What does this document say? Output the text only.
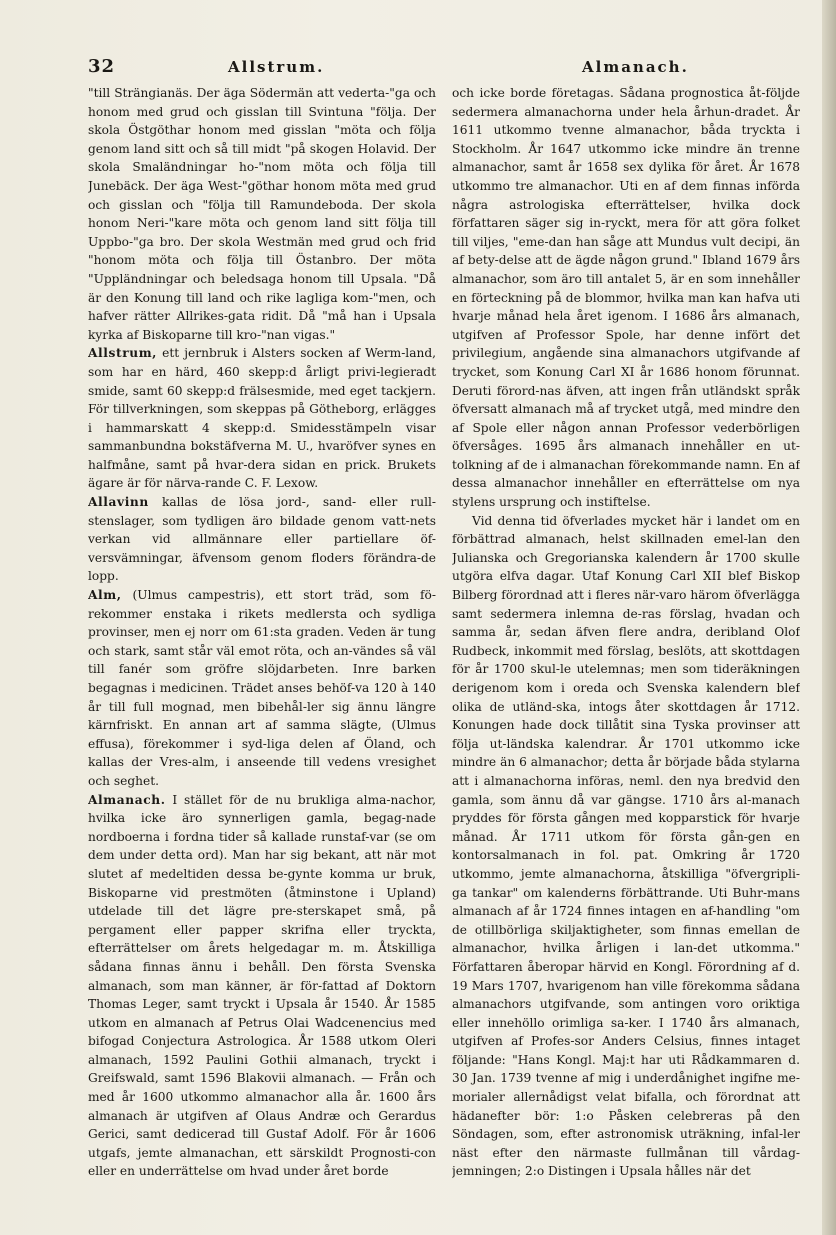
32	Allstrum.	Almanach.

"till Strängianäs. Der äga Södermän att vederta-"ga och honom med grud och gisslan till Svintuna "följa. Der skola Östgöthar honom med gisslan "möta och följa genom land sitt och så till midt "på skogen Holavid. Der skola Smaländningar ho-"nom möta och följa till Junebäck. Der äga West-"göthar honom möta med grud och gisslan och "följa till Ramundeboda. Der skola honom Neri-"kare möta och genom land sitt följa till Uppbo-"ga bro. Der skola Westmän med grud och frid "honom möta och följa till Östanbro. Der möta "Uppländningar och beledsaga honom till Upsala. "Då är den Konung till land och rike lagliga kom-"men, och hafver rätter Allrikes-gata ridit. Då "må han i Upsala kyrka af Biskoparne till kro-"nan vigas."

Allstrum, ett jernbruk i Alsters socken af Werm-land, som har en härd, 460 skepp:d årligt privi-legieradt smide, samt 60 skepp:d frälsesmide, med eget tackjern. För tillverkningen, som skeppas på Götheborg, erlägges i hammarskatt 4 skepp:d. Smidesstämpeln visar sammanbundna bokstäfverna M. U., hvaröfver synes en halfmåne, samt på hvar-dera sidan en prick. Brukets ägare är för närva-rande C. F. Lexow.

Allavinn kallas de lösa jord-, sand- eller rull-stenslager, som tydligen äro bildade genom vatt-nets verkan vid allmännare eller partiellare öf-versvämningar, äfvensom genom floders förändra-de lopp.

Alm, (Ulmus campestris), ett stort träd, som fö-rekommer enstaka i rikets medlersta och sydliga provinser, men ej norr om 61:sta graden. Veden är tung och stark, samt står väl emot röta, och an-vändes så väl till fanér som gröfre slöjdarbeten. Inre barken begagnas i medicinen. Trädet anses behöf-va 120 à 140 år till full mognad, men bibehål-ler sig ännu längre kärnfriskt. En annan art af samma slägte, (Ulmus effusa), förekommer i syd-liga delen af Öland, och kallas der Vres-alm, i anseende till vedens vresighet och seghet.

Almanach. I stället för de nu brukliga alma-nachor, hvilka icke äro synnerligen gamla, begag-nade nordboerna i fordna tider så kallade runstaf-var (se om dem under detta ord). Man har sig bekant, att när mot slutet af medeltiden dessa be-gynte komma ur bruk, Biskoparne vid prestmöten (åtminstone i Upland) utdelade till det lägre pre-sterskapet små, på pergament eller papper skrifna eller tryckta, efterrättelser om årets helgedagar m. m. Åtskilliga sådana finnas ännu i behåll. Den första Svenska almanach, som man känner, är för-fattad af Doktorn Thomas Leger, samt tryckt i Upsala år 1540. År 1585 utkom en almanach af Petrus Olai Wadcenencius med bifogad Conjectura Astrologica. År 1588 utkom Oleri almanach, 1592 Paulini Gothii almanach, tryckt i Greifswald, samt 1596 Blakovii almanach. — Från och med år 1600 utkommo almanachor alla år. 1600 års almanach är utgifven af Olaus Andræ och Gerardus Gerici, samt dedicerad till Gustaf Adolf. För år 1606 utgafs, jemte almanachan, ett särskildt Prognosti-con eller en underrättelse om hvad under året borde

och icke borde företagas. Sådana prognostica åt-följde sedermera almanachorna under hela århun-dradet. År 1611 utkommo tvenne almanachor, båda tryckta i Stockholm. År 1647 utkommo icke mindre än trenne almanachor, samt år 1658 sex dylika för året. År 1678 utkommo tre almanachor. Uti en af dem finnas införda några astrologiska efterrättelser, hvilka dock författaren säger sig in-ryckt, mera för att göra folket till viljes, "eme-dan han såge att Mundus vult decipi, än af bety-delse att de ägde någon grund." Ibland 1679 års almanachor, som äro till antalet 5, är en som innehåller en förteckning på de blommor, hvilka man kan hafva uti hvarje månad hela året igenom. I 1686 års almanach, utgifven af Professor Spole, har denne infört det privilegium, angående sina almanachors utgifvande af trycket, som Konung Carl XI år 1686 honom förunnat. Deruti förord-nas äfven, att ingen från utländskt språk öfversatt almanach må af trycket utgå, med mindre den af Spole eller någon annan Professor vederbörligen öfversåges. 1695 års almanach innehåller en ut-tolkning af de i almanachan förekommande namn. En af dessa almanachor innehåller en efterrättelse om nya stylens ursprung och instiftelse.

Vid denna tid öfverlades mycket här i landet om en förbättrad almanach, helst skillnaden emel-lan den Julianska och Gregorianska kalendern år 1700 skulle utgöra elfva dagar. Utaf Konung Carl XII blef Biskop Bilberg förordnad att i fleres när-varo härom öfverlägga samt sedermera inlemna de-ras förslag, hvadan och samma år, sedan äfven flere andra, deribland Olof Rudbeck, inkommit med förslag, beslöts, att skottdagen för år 1700 skul-le utelemnas; men som tideräkningen derigenom kom i oreda och Svenska kalendern blef olika de utländ-ska, intogs åter skottdagen år 1712. Konungen hade dock tillåtit sina Tyska provinser att följa ut-ländska kalendrar. År 1701 utkommo icke mindre än 6 almanachor; detta år började båda stylarna att i almanachorna införas, neml. den nya bredvid den gamla, som ännu då var gängse. 1710 års al-manach pryddes för första gången med kopparstick för hvarje månad. År 1711 utkom för första gån-gen en kontorsalmanach in fol. pat. Omkring år 1720 utkommo, jemte almanachorna, åtskilliga "öfvergripli-ga tankar" om kalenderns förbättrande. Uti Buhr-mans almanach af år 1724 finnes intagen en af-handling "om de otillbörliga skiljaktigheter, som finnas emellan de almanachor, hvilka årligen i lan-det utkomma." Författaren åberopar härvid en Kongl. Förordning af d. 19 Mars 1707, hvarigenom han ville förekomma sådana almanachors utgifvande, som antingen voro oriktiga eller innehöllo orimliga sa-ker. I 1740 års almanach, utgifven af Profes-sor Anders Celsius, finnes intaget följande: "Hans Kongl. Maj:t har uti Rådkammaren d. 30 Jan. 1739 tvenne af mig i underdånighet ingifne me-morialer allernådigst velat bifalla, och förordnat att hädanefter bör: 1:o Påsken celebreras på den Söndagen, som, efter astronomisk uträkning, infal-ler näst efter den närmaste fullmånan till vårdag-jemningen; 2:o Distingen i Upsala hålles när det
